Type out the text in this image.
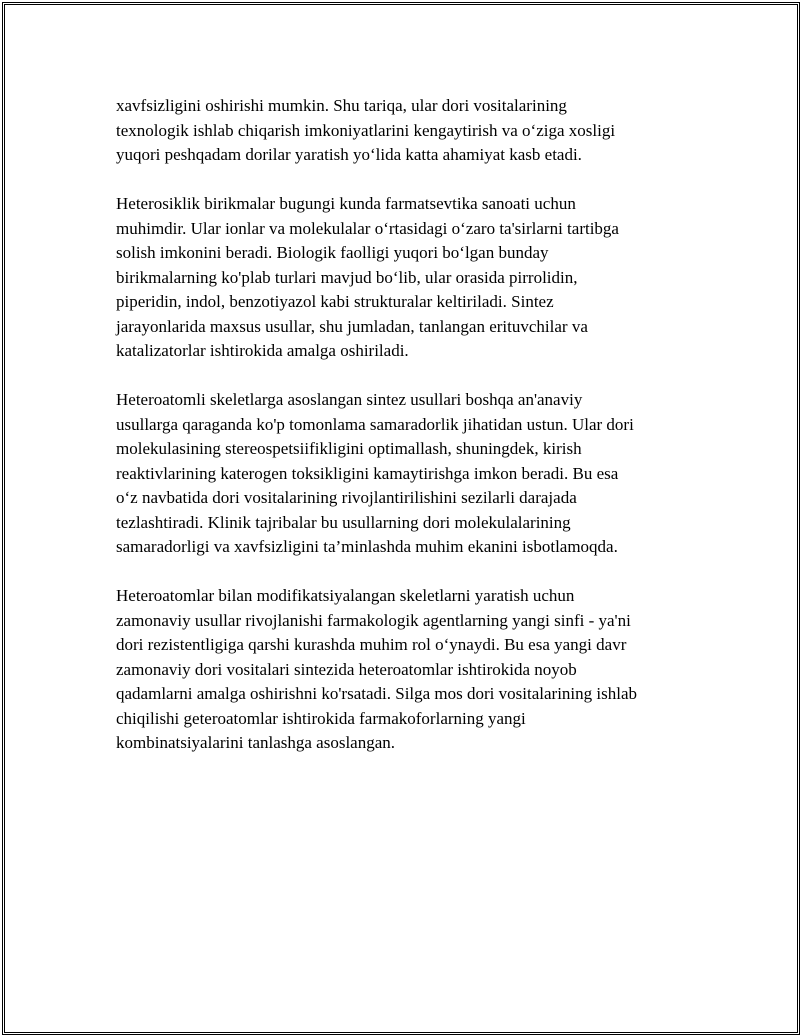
xavfsizligini oshirishi mumkin. Shu tariqa, ular dori vositalarining
texnologik ishlab chiqarish imkoniyatlarini kengaytirish va o‘ziga xosligi
yuqori peshqadam dorilar yaratish yo‘lida katta ahamiyat kasb etadi.
Heterosiklik birikmalar bugungi kunda farmatsevtika sanoati uchun
muhimdir. Ular ionlar va molekulalar o‘rtasidagi o‘zaro ta'sirlarni tartibga
solish imkonini beradi. Biologik faolligi yuqori bo‘lgan bunday
birikmalarning ko'plab turlari mavjud bo‘lib, ular orasida pirrolidin,
piperidin, indol, benzotiyazol kabi strukturalar keltiriladi. Sintez
jarayonlarida maxsus usullar, shu jumladan, tanlangan erituvchilar va
katalizatorlar ishtirokida amalga oshiriladi.
Heteroatomli skeletlarga asoslangan sintez usullari boshqa an'anaviy
usullarga qaraganda ko'p tomonlama samaradorlik jihatidan ustun. Ular dori
molekulasining stereospetsiifikligini optimallash, shuningdek, kirish
reaktivlarining katerogen toksikligini kamaytirishga imkon beradi. Bu esa
o‘z navbatida dori vositalarining rivojlantirilishini sezilarli darajada
tezlashtiradi. Klinik tajribalar bu usullarning dori molekulalarining
samaradorligi va xavfsizligini ta’minlashda muhim ekanini isbotlamoqda.
Heteroatomlar bilan modifikatsiyalangan skeletlarni yaratish uchun
zamonaviy usullar rivojlanishi farmakologik agentlarning yangi sinfi - ya'ni
dori rezistentligiga qarshi kurashda muhim rol o‘ynaydi. Bu esa yangi davr
zamonaviy dori vositalari sintezida heteroatomlar ishtirokida noyob
qadamlarni amalga oshirishni ko'rsatadi. Silga mos dori vositalarining ishlab
chiqilishi geteroatomlar ishtirokida farmakoforlarning yangi
kombinatsiyalarini tanlashga asoslangan.
